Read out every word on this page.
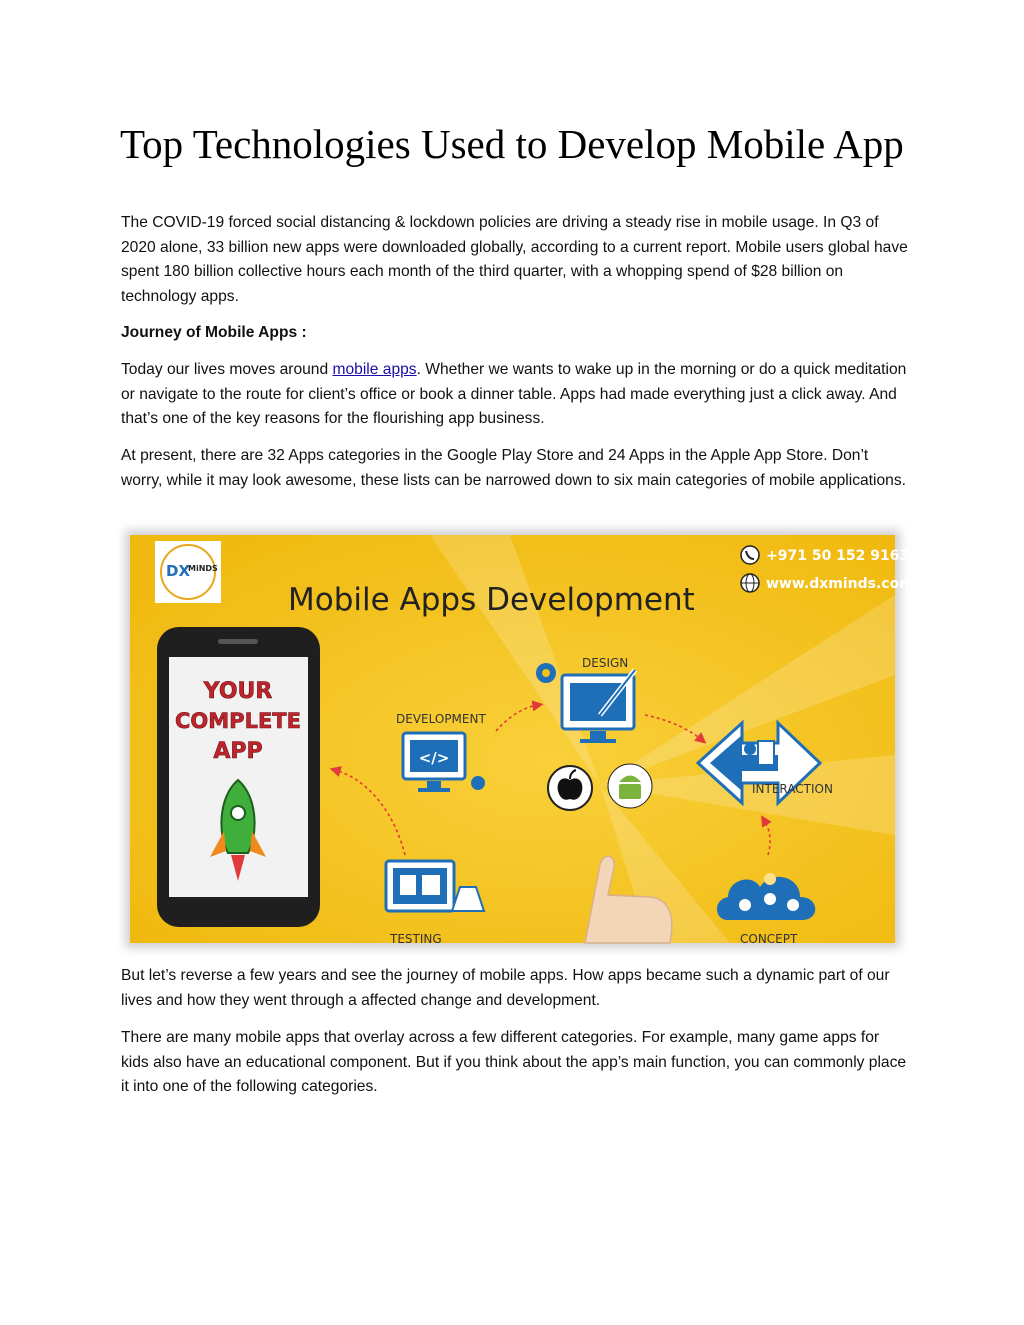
Top Technologies Used to Develop Mobile App

The COVID-19 forced social distancing & lockdown policies are driving a steady rise in mobile usage. In Q3 of 2020 alone, 33 billion new apps were downloaded globally, according to a current report. Mobile users global have spent 180 billion collective hours each month of the third quarter, with a whopping spend of $28 billion on technology apps.

Journey of Mobile Apps :

Today our lives moves around mobile apps. Whether we wants to wake up in the morning or do a quick meditation or navigate to the route for client’s office or book a dinner table. Apps had made everything just a click away. And that’s one of the key reasons for the flourishing app business.

At present, there are 32 Apps categories in the Google Play Store and 24 Apps in the Apple App Store. Don’t worry, while it may look awesome, these lists can be narrowed down to six main categories of mobile applications.

DX
MiNDS
+971 50 152 9163
www.dxminds.com
Mobile Apps Development
YOUR
COMPLETE
APP
DESIGN
</>
DEVELOPMENT
INTERACTION
TESTING	CONCEPT

But let’s reverse a few years and see the journey of mobile apps. How apps became such a dynamic part of our lives and how they went through a affected change and development.

There are many mobile apps that overlay across a few different categories. For example, many game apps for kids also have an educational component. But if you think about the app’s main function, you can commonly place it into one of the following categories.
